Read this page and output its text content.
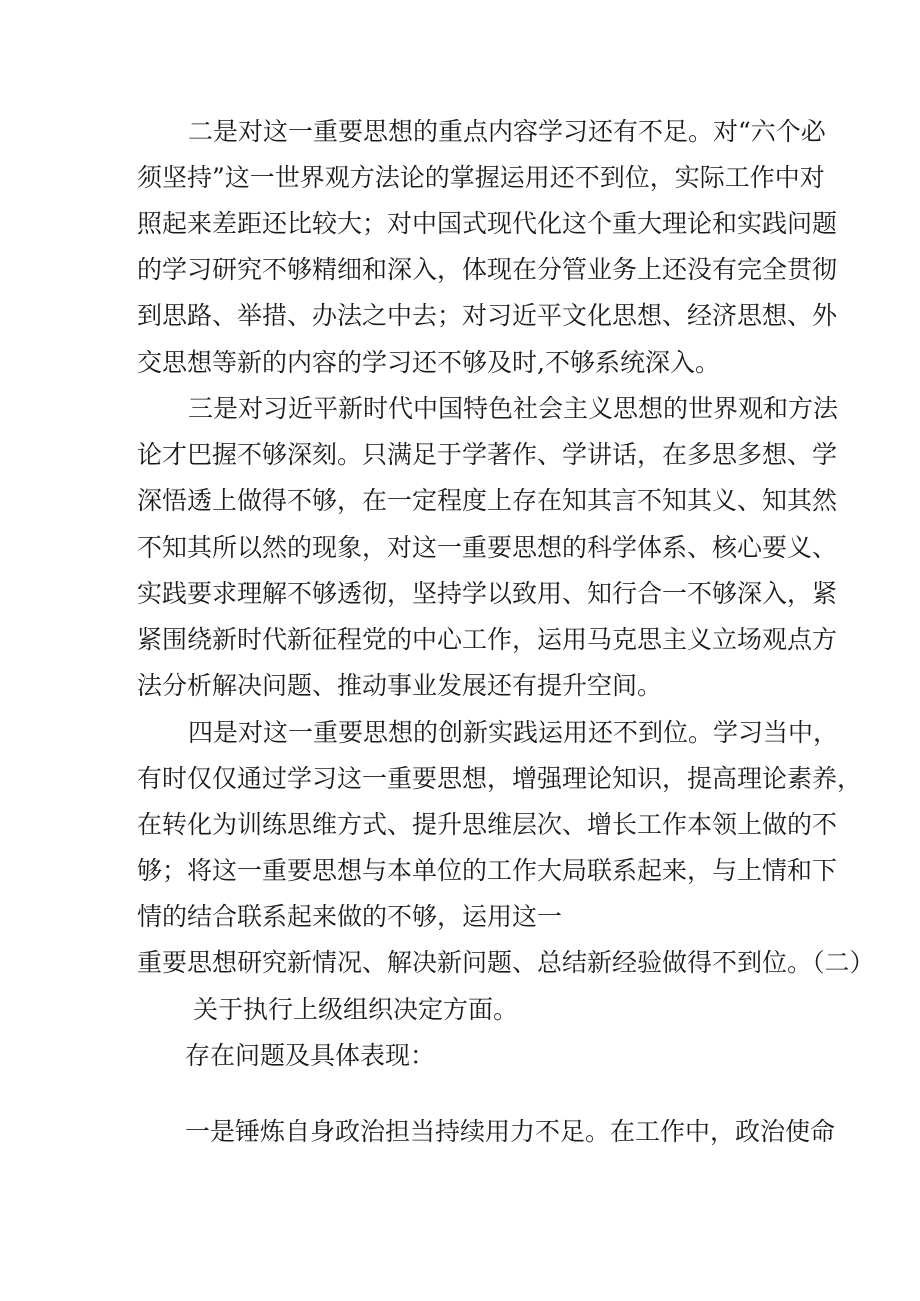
二是对这一重要思想的重点内容学习还有不足。对“六个必
须坚持”这一世界观方法论的掌握运用还不到位，实际工作中对
照起来差距还比较大；对中国式现代化这个重大理论和实践问题
的学习研究不够精细和深入，体现在分管业务上还没有完全贯彻
到思路、举措、办法之中去；对习近平文化思想、经济思想、外
交思想等新的内容的学习还不够及时,不够系统深入。
三是对习近平新时代中国特色社会主义思想的世界观和方法
论才巴握不够深刻。只满足于学著作、学讲话，在多思多想、学
深悟透上做得不够，在一定程度上存在知其言不知其义、知其然
不知其所以然的现象，对这一重要思想的科学体系、核心要义、
实践要求理解不够透彻，坚持学以致用、知行合一不够深入，紧
紧围绕新时代新征程党的中心工作，运用马克思主义立场观点方
法分析解决问题、推动事业发展还有提升空间。
四是对这一重要思想的创新实践运用还不到位。学习当中，
有时仅仅通过学习这一重要思想，增强理论知识，提高理论素养，
在转化为训练思维方式、提升思维层次、增长工作本领上做的不
够；将这一重要思想与本单位的工作大局联系起来，与上情和下
情的结合联系起来做的不够，运用这一
重要思想研究新情况、解决新问题、总结新经验做得不到位。（二）
关于执行上级组织决定方面。
存在问题及具体表现：
一是锤炼自身政治担当持续用力不足。在工作中，政治使命
